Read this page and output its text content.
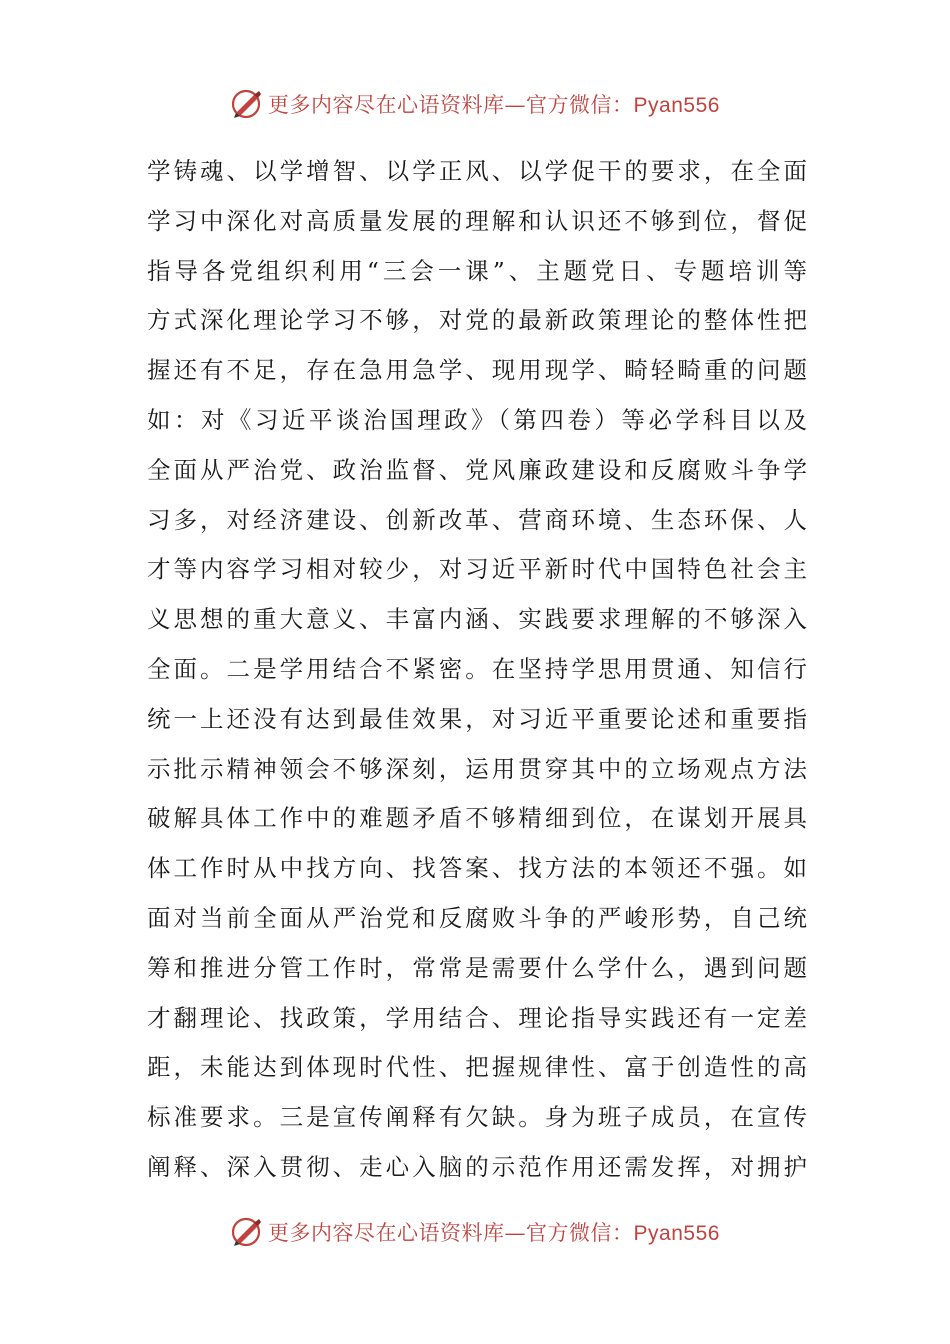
更多内容尽在心语资料库—官方微信：Pyan556
学铸魂、以学增智、以学正风、以学促干的要求，在全面
学习中深化对高质量发展的理解和认识还不够到位，督促
指导各党组织利用“三会一课”、主题党日、专题培训等
方式深化理论学习不够，对党的最新政策理论的整体性把
握还有不足，存在急用急学、现用现学、畸轻畸重的问题
如：对《习近平谈治国理政》（第四卷）等必学科目以及
全面从严治党、政治监督、党风廉政建设和反腐败斗争学
习多，对经济建设、创新改革、营商环境、生态环保、人
才等内容学习相对较少，对习近平新时代中国特色社会主
义思想的重大意义、丰富内涵、实践要求理解的不够深入
全面。二是学用结合不紧密。在坚持学思用贯通、知信行
统一上还没有达到最佳效果，对习近平重要论述和重要指
示批示精神领会不够深刻，运用贯穿其中的立场观点方法
破解具体工作中的难题矛盾不够精细到位，在谋划开展具
体工作时从中找方向、找答案、找方法的本领还不强。如
面对当前全面从严治党和反腐败斗争的严峻形势，自己统
筹和推进分管工作时，常常是需要什么学什么，遇到问题
才翻理论、找政策，学用结合、理论指导实践还有一定差
距，未能达到体现时代性、把握规律性、富于创造性的高
标准要求。三是宣传阐释有欠缺。身为班子成员，在宣传
阐释、深入贯彻、走心入脑的示范作用还需发挥，对拥护
更多内容尽在心语资料库—官方微信：Pyan556
